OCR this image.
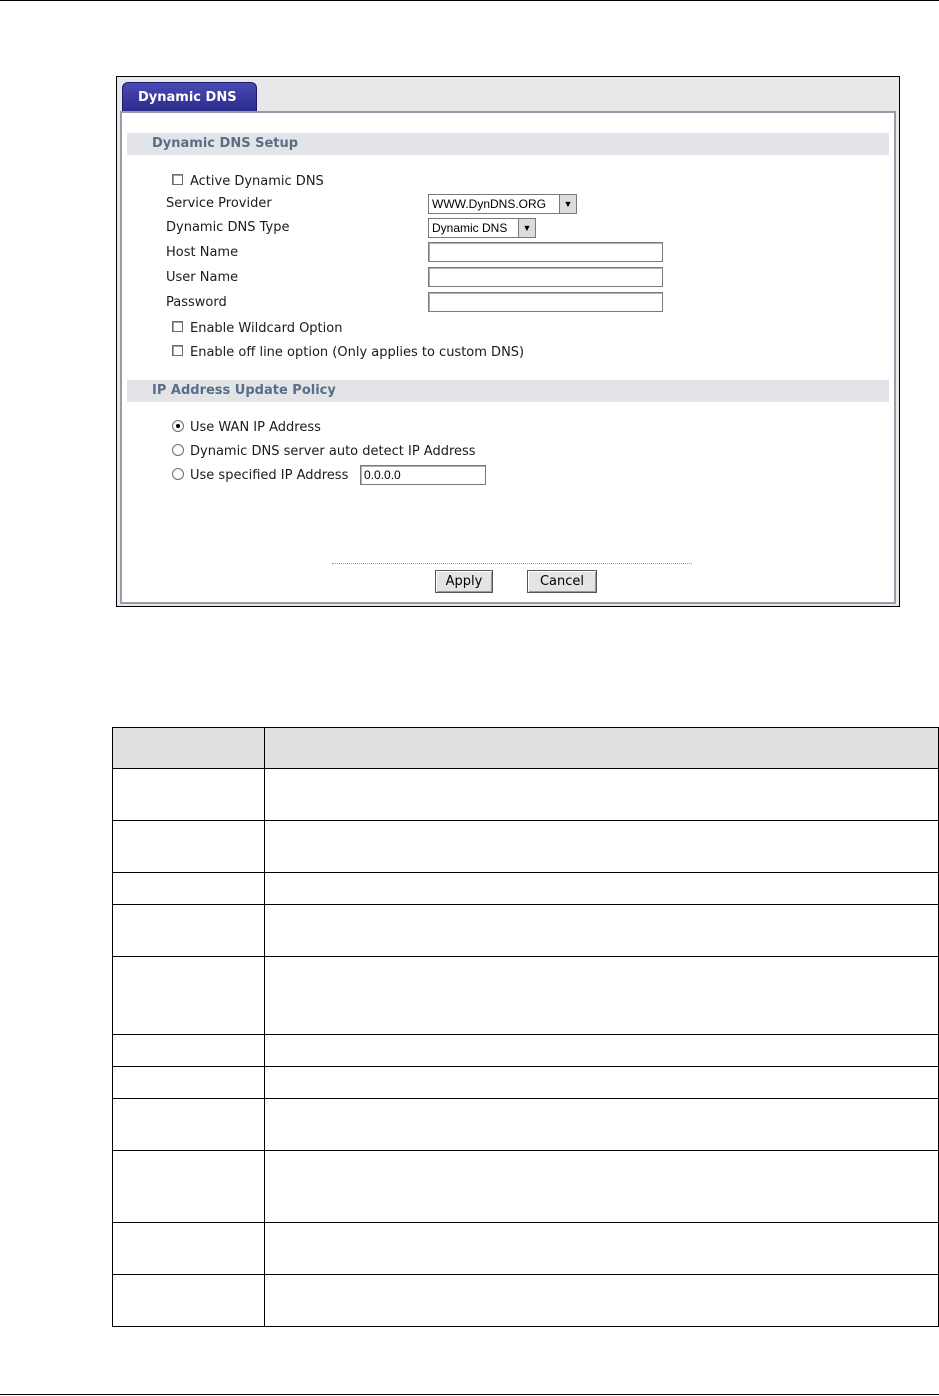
Dynamic DNS
Dynamic DNS Setup
Active Dynamic DNS
Service Provider	WWW.DynDNS.ORG	▼
Dynamic DNS Type	Dynamic DNS	▼
Host Name
User Name
Password
Enable Wildcard Option
Enable off line option (Only applies to custom DNS)
IP Address Update Policy
Use WAN IP Address
Dynamic DNS server auto detect IP Address
Use specified IP Address	0.0.0.0
Apply	Cancel
